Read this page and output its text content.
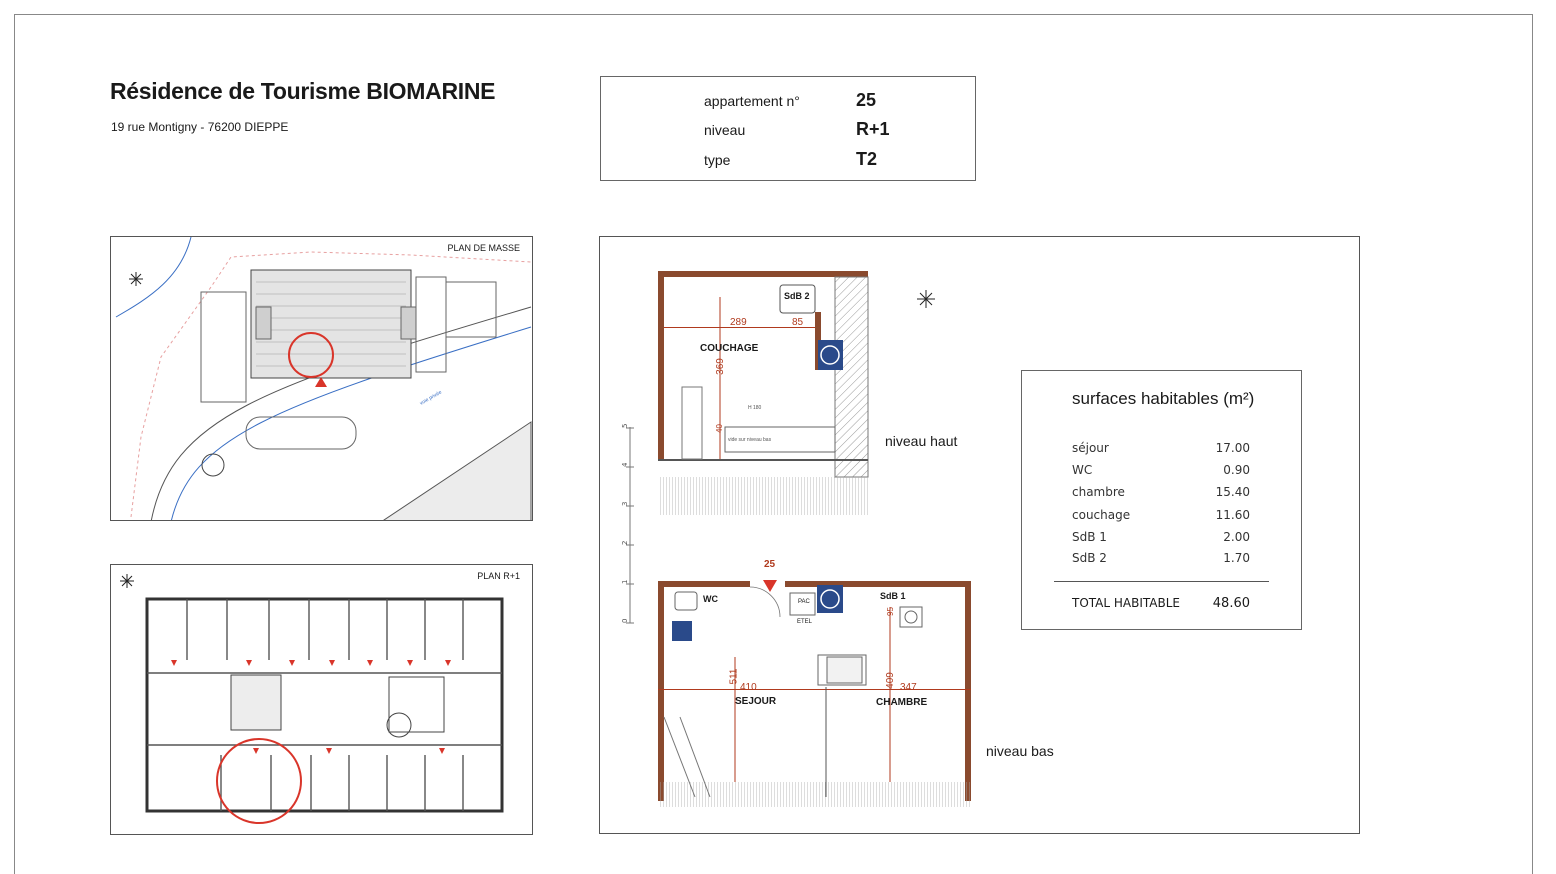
Résidence de Tourisme BIOMARINE
19 rue Montigny - 76200 DIEPPE
appartement n°	25
niveau	R+1
type	T2
voie privée
PLAN DE MASSE
PLAN R+1
0
1
2
3
4
5
COUCHAGE
SdB 2
WC	SdB 1
SEJOUR	CHAMBRE
PAC
ETEL
289	85
369
40
H 180
vide sur niveau bas
25
410
511
347
409
95
niveau haut
niveau bas
surfaces habitables (m²)
séjour	17.00
WC	0.90
chambre	15.40
couchage	11.60
SdB 1	2.00
SdB 2	1.70
TOTAL HABITABLE	48.60
